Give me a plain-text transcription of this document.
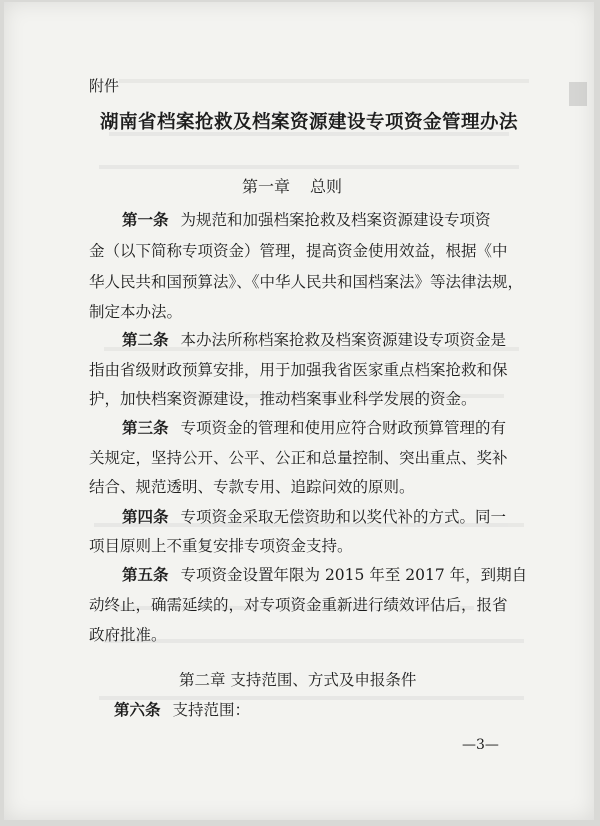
附件
湖南省档案抢救及档案资源建设专项资金管理办法
第一章 总则
第一条 为规范和加强档案抢救及档案资源建设专项资
金（以下简称专项资金）管理，提高资金使用效益，根据《中
华人民共和国预算法》、《中华人民共和国档案法》等法律法规，
制定本办法。
第二条 本办法所称档案抢救及档案资源建设专项资金是
指由省级财政预算安排，用于加强我省医家重点档案抢救和保
护，加快档案资源建设，推动档案事业科学发展的资金。
第三条 专项资金的管理和使用应符合财政预算管理的有
关规定，坚持公开、公平、公正和总量控制、突出重点、奖补
结合、规范透明、专款专用、追踪问效的原则。
第四条 专项资金采取无偿资助和以奖代补的方式。同一
项目原则上不重复安排专项资金支持。
第五条 专项资金设置年限为 2015 年至 2017 年，到期自
动终止，确需延续的，对专项资金重新进行绩效评估后，报省
政府批准。
第二章 支持范围、方式及申报条件
第六条 支持范围：
—3—
